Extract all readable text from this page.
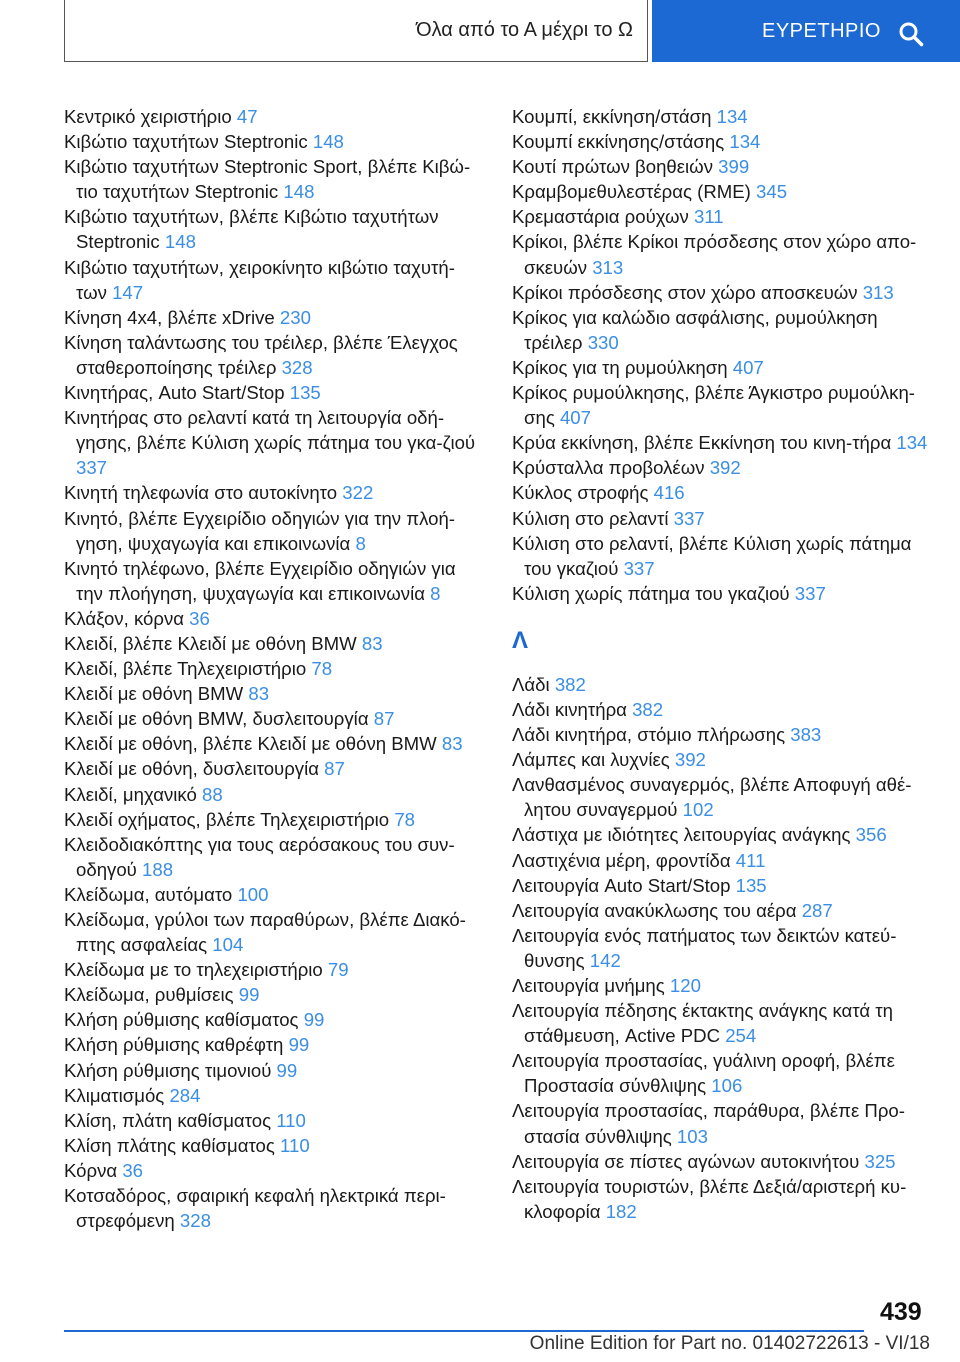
Όλα από το Α μέχρι το Ω	ΕΥΡΕΤΗΡΙΟ
Κεντρικό χειριστήριο 47
Κιβώτιο ταχυτήτων Steptronic 148
Κιβώτιο ταχυτήτων Steptronic Sport, βλέπε Κιβώ-τιο ταχυτήτων Steptronic 148
Κιβώτιο ταχυτήτων, βλέπε Κιβώτιο ταχυτήτων Steptronic 148
Κιβώτιο ταχυτήτων, χειροκίνητο κιβώτιο ταχυτή-των 147
Κίνηση 4x4, βλέπε xDrive 230
Κίνηση ταλάντωσης του τρέιλερ, βλέπε Έλεγχος σταθεροποίησης τρέιλερ 328
Κινητήρας, Auto Start/Stop 135
Κινητήρας στο ρελαντί κατά τη λειτουργία οδή-γησης, βλέπε Κύλιση χωρίς πάτημα του γκα-ζιού 337
Κινητή τηλεφωνία στο αυτοκίνητο 322
Κινητό, βλέπε Εγχειρίδιο οδηγιών για την πλοή-γηση, ψυχαγωγία και επικοινωνία 8
Κινητό τηλέφωνο, βλέπε Εγχειρίδιο οδηγιών για την πλοήγηση, ψυχαγωγία και επικοινωνία 8
Κλάξον, κόρνα 36
Κλειδί, βλέπε Κλειδί με οθόνη BMW 83
Κλειδί, βλέπε Τηλεχειριστήριο 78
Κλειδί με οθόνη BMW 83
Κλειδί με οθόνη BMW, δυσλειτουργία 87
Κλειδί με οθόνη, βλέπε Κλειδί με οθόνη BMW 83
Κλειδί με οθόνη, δυσλειτουργία 87
Κλειδί, μηχανικό 88
Κλειδί οχήματος, βλέπε Τηλεχειριστήριο 78
Κλειδοδιακόπτης για τους αερόσακους του συν-οδηγού 188
Κλείδωμα, αυτόματο 100
Κλείδωμα, γρύλοι των παραθύρων, βλέπε Διακό-πτης ασφαλείας 104
Κλείδωμα με το τηλεχειριστήριο 79
Κλείδωμα, ρυθμίσεις 99
Κλήση ρύθμισης καθίσματος 99
Κλήση ρύθμισης καθρέφτη 99
Κλήση ρύθμισης τιμονιού 99
Κλιματισμός 284
Κλίση, πλάτη καθίσματος 110
Κλίση πλάτης καθίσματος 110
Κόρνα 36
Κοτσαδόρος, σφαιρική κεφαλή ηλεκτρικά περι-στρεφόμενη 328
Κουμπί, εκκίνηση/στάση 134
Κουμπί εκκίνησης/στάσης 134
Κουτί πρώτων βοηθειών 399
Κραμβομεθυλεστέρας (RME) 345
Κρεμαστάρια ρούχων 311
Κρίκοι, βλέπε Κρίκοι πρόσδεσης στον χώρο απο-σκευών 313
Κρίκοι πρόσδεσης στον χώρο αποσκευών 313
Κρίκος για καλώδιο ασφάλισης, ρυμούλκηση τρέιλερ 330
Κρίκος για τη ρυμούλκηση 407
Κρίκος ρυμούλκησης, βλέπε Άγκιστρο ρυμούλκη-σης 407
Κρύα εκκίνηση, βλέπε Εκκίνηση του κινη-τήρα 134
Κρύσταλλα προβολέων 392
Κύκλος στροφής 416
Κύλιση στο ρελαντί 337
Κύλιση στο ρελαντί, βλέπε Κύλιση χωρίς πάτημα του γκαζιού 337
Κύλιση χωρίς πάτημα του γκαζιού 337
Λ
Λάδι 382
Λάδι κινητήρα 382
Λάδι κινητήρα, στόμιο πλήρωσης 383
Λάμπες και λυχνίες 392
Λανθασμένος συναγερμός, βλέπε Αποφυγή αθέ-λητου συναγερμού 102
Λάστιχα με ιδιότητες λειτουργίας ανάγκης 356
Λαστιχένια μέρη, φροντίδα 411
Λειτουργία Auto Start/Stop 135
Λειτουργία ανακύκλωσης του αέρα 287
Λειτουργία ενός πατήματος των δεικτών κατεύ-θυνσης 142
Λειτουργία μνήμης 120
Λειτουργία πέδησης έκτακτης ανάγκης κατά τη στάθμευση, Active PDC 254
Λειτουργία προστασίας, γυάλινη οροφή, βλέπε Προστασία σύνθλιψης 106
Λειτουργία προστασίας, παράθυρα, βλέπε Προ-στασία σύνθλιψης 103
Λειτουργία σε πίστες αγώνων αυτοκινήτου 325
Λειτουργία τουριστών, βλέπε Δεξιά/αριστερή κυ-κλοφορία 182
439
Online Edition for Part no. 01402722613 - VI/18
